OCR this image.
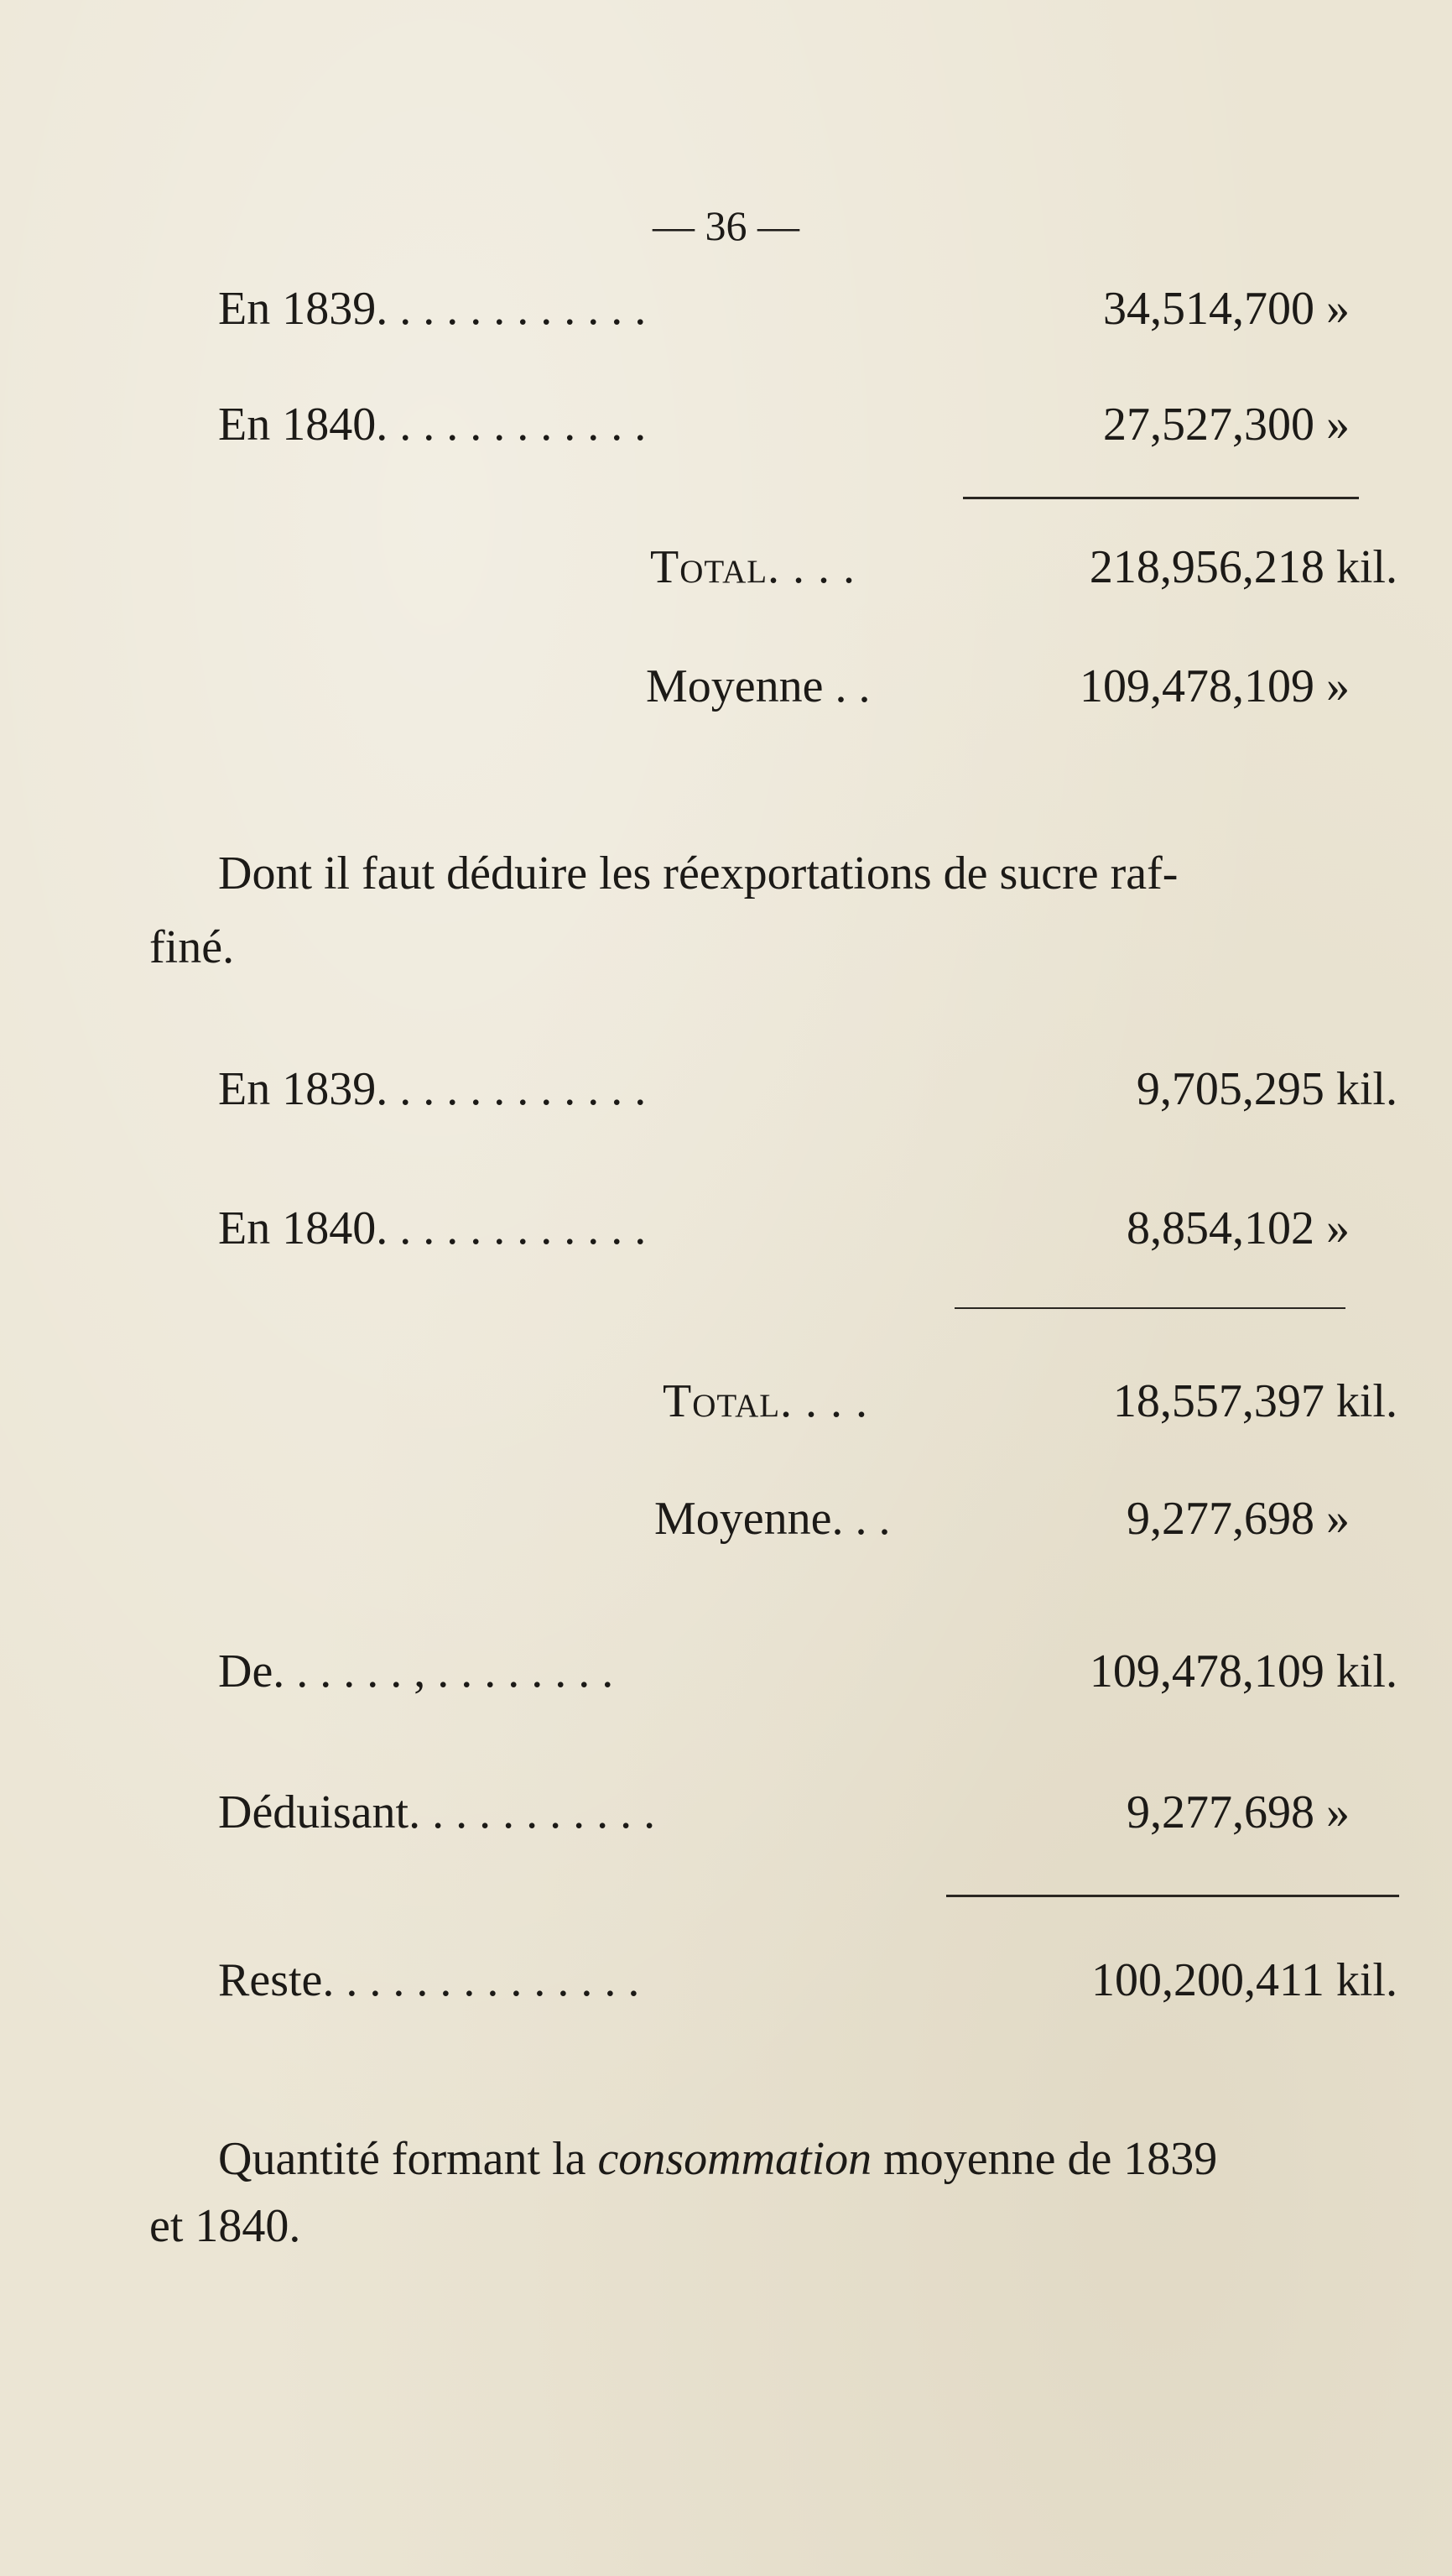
— 36 —
En 1839. . . . . . . . . . . .	34,514,700 »
En 1840. . . . . . . . . . . .	27,527,300 »
Total. . . .	218,956,218 kil.
Moyenne . .	109,478,109 »
Dont il faut déduire les réexportations de sucre raf-
finé.
En 1839. . . . . . . . . . . .	9,705,295 kil.
En 1840. . . . . . . . . . . .	8,854,102 »
Total. . . .	18,557,397 kil.
Moyenne. . .	9,277,698 »
De. . . . . . , . . . . . . . .	109,478,109 kil.
Déduisant. . . . . . . . . . .	9,277,698 »
Reste. . . . . . . . . . . . . .	100,200,411 kil.
Quantité formant la consommation moyenne de 1839
et 1840.
